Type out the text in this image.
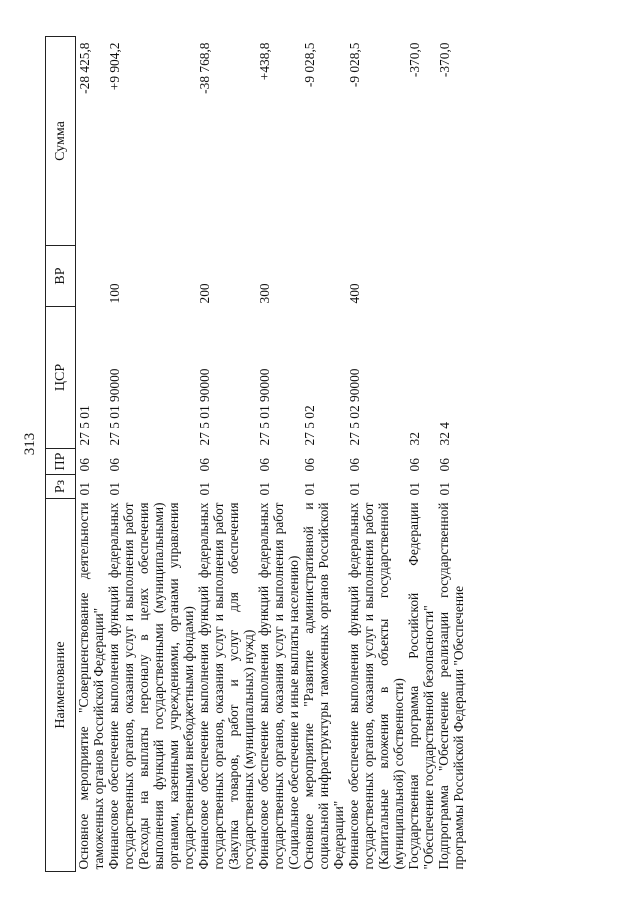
313
Наименование	Рз	ПР	ЦСР	ВР	Сумма
Основное мероприятие "Совершенствование деятельности таможенных органов Российской Федерации"	01	06	27 5 01		-28 425,8
Финансовое обеспечение выполнения функций федеральных государственных органов, оказания услуг и выполнения работ (Расходы на выплаты персоналу в целях обеспечения выполнения функций государственными (муниципальными) органами, казенными учреждениями, органами управления государственными внебюджетными фондами)	01	06	27 5 01 90000	100	+9 904,2
Финансовое обеспечение выполнения функций федеральных государственных органов, оказания услуг и выполнения работ (Закупка товаров, работ и услуг для обеспечения государственных (муниципальных) нужд)	01	06	27 5 01 90000	200	-38 768,8
Финансовое обеспечение выполнения функций федеральных государственных органов, оказания услуг и выполнения работ (Социальное обеспечение и иные выплаты населению)	01	06	27 5 01 90000	300	+438,8
Основное мероприятие "Развитие административной и социальной инфраструктуры таможенных органов Российской Федерации"	01	06	27 5 02		-9 028,5
Финансовое обеспечение выполнения функций федеральных государственных органов, оказания услуг и выполнения работ (Капитальные вложения в объекты государственной (муниципальной) собственности)	01	06	27 5 02 90000	400	-9 028,5
Государственная программа Российской Федерации "Обеспечение государственной безопасности"	01	06	32		-370,0
Подпрограмма "Обеспечение реализации государственной программы Российской Федерации "Обеспечение	01	06	32 4		-370,0
